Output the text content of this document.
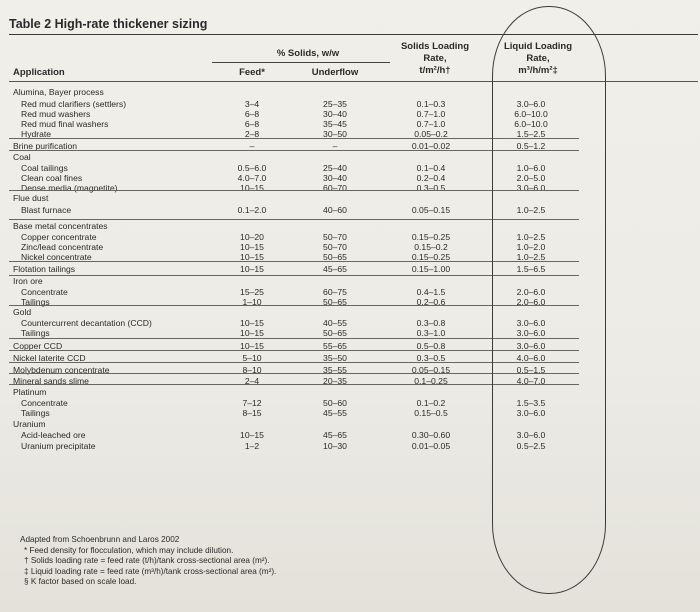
Table 2 High-rate thickener sizing
% Solids, w/w
Solids Loading
Rate,
t/m²/h†
Liquid Loading
Rate,
m³/h/m²‡
Application	Feed*	Underflow
Alumina, Bayer process
Red mud clarifiers (settlers)	3–4	25–35	0.1–0.3	3.0–6.0
Red mud washers	6–8	30–40	0.7–1.0	6.0–10.0
Red mud final washers	6–8	35–45	0.7–1.0	6.0–10.0
Hydrate	2–8	30–50	0.05–0.2	1.5–2.5
Brine purification	–	–	0.01–0.02	0.5–1.2
Coal
Coal tailings	0.5–6.0	25–40	0.1–0.4	1.0–6.0
Clean coal fines	4.0–7.0	30–40	0.2–0.4	2.0–5.0
Dense media (magnetite)	10–15	60–70	0.3–0.5	3.0–6.0
Flue dust
Blast furnace	0.1–2.0	40–60	0.05–0.15	1.0–2.5
Base metal concentrates
Copper concentrate	10–20	50–70	0.15–0.25	1.0–2.5
Zinc/lead concentrate	10–15	50–70	0.15–0.2	1.0–2.0
Nickel concentrate	10–15	50–65	0.15–0.25	1.0–2.5
Flotation tailings	10–15	45–65	0.15–1.00	1.5–6.5
Iron ore
Concentrate	15–25	60–75	0.4–1.5	2.0–6.0
Tailings	1–10	50–65	0.2–0.6	2.0–6.0
Gold
Countercurrent decantation (CCD)	10–15	40–55	0.3–0.8	3.0–6.0
Tailings	10–15	50–65	0.3–1.0	3.0–6.0
Copper CCD	10–15	55–65	0.5–0.8	3.0–6.0
Nickel laterite CCD	5–10	35–50	0.3–0.5	4.0–6.0
Molybdenum concentrate	8–10	35–55	0.05–0.15	0.5–1.5
Mineral sands slime	2–4	20–35	0.1–0.25	4.0–7.0
Platinum
Concentrate	7–12	50–60	0.1–0.2	1.5–3.5
Tailings	8–15	45–55	0.15–0.5	3.0–6.0
Uranium
Acid-leached ore	10–15	45–65	0.30–0.60	3.0–6.0
Uranium precipitate	1–2	10–30	0.01–0.05	0.5–2.5
Adapted from Schoenbrunn and Laros 2002
* Feed density for flocculation, which may include dilution.
† Solids loading rate = feed rate (t/h)/tank cross-sectional area (m²).
‡ Liquid loading rate = feed rate (m³/h)/tank cross-sectional area (m²).
§ K factor based on scale load.
